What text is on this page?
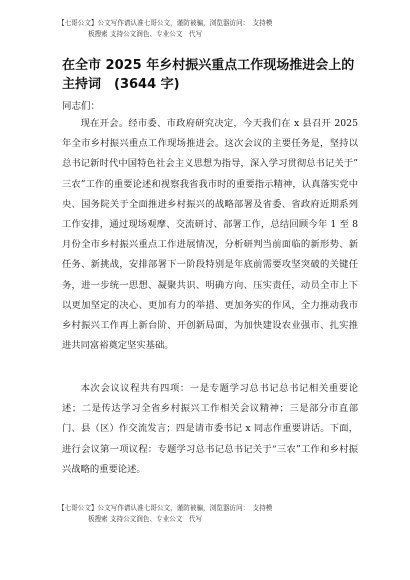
【七哥公文】公文写作请认准七哥公文，谨防被骗，浏览器访问：　支持模
板搜索 支持公文润色、专业公文　代写
在全市 2025 年乡村振兴重点工作现场推进会上的主持词　(3644 字)
同志们：

现在开会。经市委、市政府研究决定，今天我们在 x 县召开 2025 年全市乡村振兴重点工作现场推进会。这次会议的主要任务是，坚持以总书记新时代中国特色社会主义思想为指导，深入学习贯彻总书记关于” 三农”工作的重要论述和视察我省我市时的重要指示精神，认真落实党中央、国务院关于全面推进乡村振兴的战略部署及省委、省政府近期系列工作安排，通过现场观摩、交流研讨、部署工作，总结回顾今年 1 至 8 月份全市乡村振兴重点工作进展情况，分析研判当前面临的新形势、新任务、新挑战，安排部署下一阶段特别是年底前需要攻坚突破的关键任务，进一步统一思想、凝聚共识、明确方向、压实责任，动员全市上下以更加坚定的决心、更加有力的举措、更加务实的作风，全力推动我市乡村振兴工作再上新台阶、开创新局面，为加快建设农业强市、扎实推进共同富裕奠定坚实基础。

本次会议议程共有四项：一是专题学习总书记总书记相关重要论述；二是传达学习全省乡村振兴工作相关会议精神；三是部分市直部门、县（区）作交流发言；四是请市委书记 x 同志作重要讲话。下面，进行会议第一项议程：专题学习总书记总书记关于“三农”工作和乡村振兴战略的重要论述。

【七哥公文】公文写作请认准七哥公文，谨防被骗，浏览器访问：　支持模
板搜索 支持公文润色、专业公文　代写
